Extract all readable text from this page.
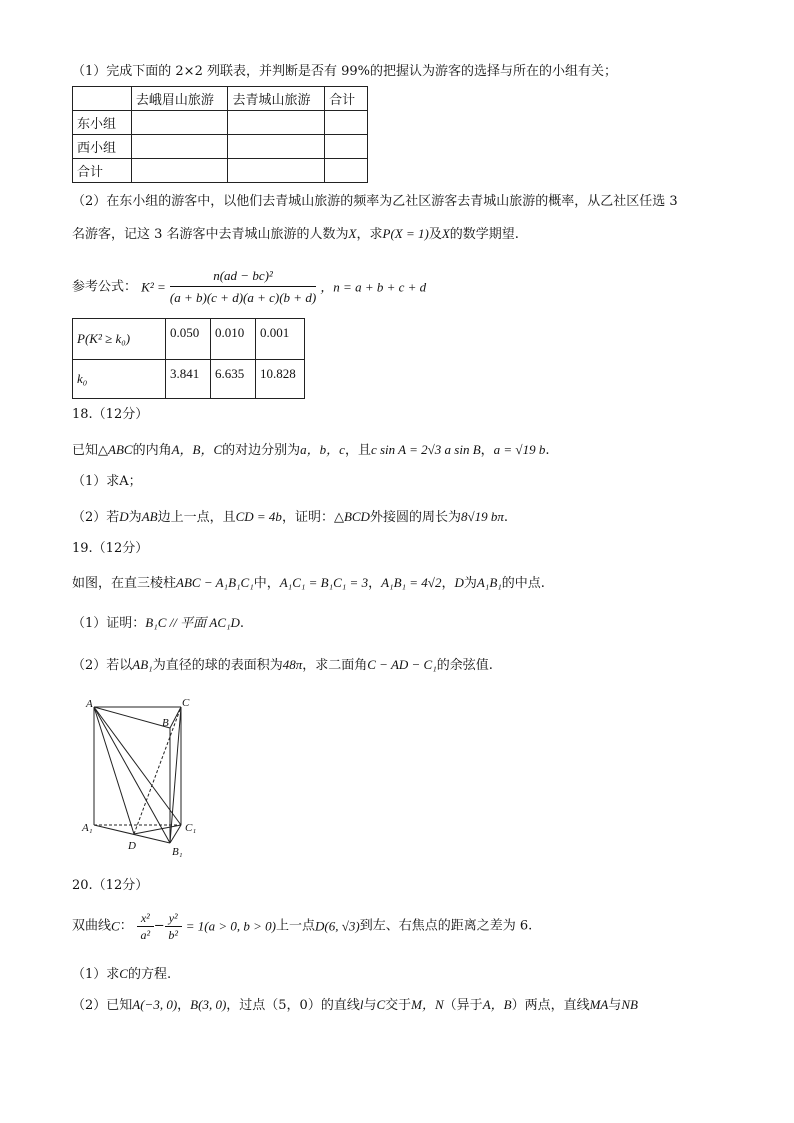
（1）完成下面的 2×2 列联表，并判断是否有 99%的把握认为游客的选择与所在的小组有关；
	去峨眉山旅游	去青城山旅游	合计
东小组			
西小组			
合计			
（2）在东小组的游客中，以他们去青城山旅游的频率为乙社区游客去青城山旅游的概率，从乙社区任选 3
名游客，记这 3 名游客中去青城山旅游的人数为X，求P(X = 1)及X的数学期望.
参考公式： $K^2 = \frac{\text{n(ad − bc)²}}{(a + b)(c + d)(a + c)(b + d)}$ ，n = a + b + c + d
P(K² ≥ k₀)	0.050	0.010	0.001
k₀	3.841	6.635	10.828
18.（12分）
已知△ABC的内角A，B，C的对边分别为a，b，c，且c sin A = 2√3 a sin B，a = √19 b.
（1）求A；
（2）若D为AB边上一点，且CD = 4b，证明：△BCD外接圆的周长为8√19 bπ.
19.（12分）
如图，在直三棱柱ABC − A₁B₁C₁中，A₁C₁ = B₁C₁ = 3，A₁B₁ = 4√2，D为A₁B₁的中点.
（1）证明：B₁C // 平面 AC₁D.
（2）若以AB₁为直径的球的表面积为48π，求二面角C − AD − C₁的余弦值.
A
B
C
A₁
B₁
C₁
D
20.（12分）
双曲线C： $\frac{\text{x²}}{\text{a²}} - \frac{\text{y²}}{\text{b²}} = 1(a > 0$, b > 0)上一点D(6, √3)到左、右焦点的距离之差为 6.
（1）求C的方程.
（2）已知A(−3, 0)，B(3, 0)，过点（5，0）的直线l与C交于M，N（异于A，B）两点，直线MA与NB
